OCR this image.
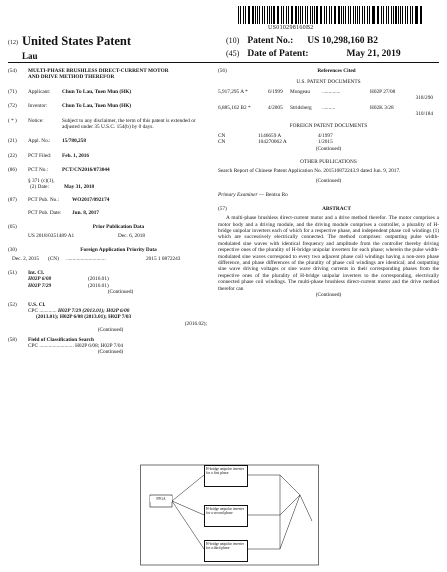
US010298160B2
(12) United States Patent
Lau
(10) Patent No.: US 10,298,160 B2
(45) Date of Patent:	May 21, 2019
(54)	MULTI-PHASE BRUSHLESS DIRECT-CURRENT MOTOR AND DRIVE METHOD THEREFOR
(71)	Applicant:	Chun To Lau, Tuen Mun (HK)
(72)	Inventor:	Chun To Lau, Tuen Mun (HK)
( * )	Notice:	Subject to any disclaimer, the term of this patent is extended or adjusted under 35 U.S.C. 154(b) by 0 days.
(21)	Appl. No.:	15/780,258
(22)	PCT Filed:	Feb. 1, 2016
(86)	PCT No.:	PCT/CN2016/073044
§ 371 (c)(1),
(2) Date:	May 31, 2018
(87)	PCT Pub. No.:	WO2017/092174
PCT Pub. Date:	Jun. 8, 2017
(65)	Prior Publication Data
US 2018/0351489 A1	Dec. 6, 2018
(30)	Foreign Application Priority Data
Dec. 2, 2015	(CN)	..............................	2015 1 0872243
(51)	Int. Cl.
H02P 6/08	(2016.01)
H02P 7/29	(2016.01)
(Continued)
(52)	U.S. Cl.
CPC ............. H02P 7/29 (2013.01); H02P 6/00
(2013.01); H02P 6/08 (2013.01); H02P 7/03
(2016.02);
(Continued)
(58)	Field of Classification Search
CPC .......................... H02P 6/08; H02P 7/04
(Continued)
(56)	References Cited
U.S. PATENT DOCUMENTS
5,917,295 A *	6/1999	Mongeau	..............	H02P 27/08
318/290
6,885,162 B2 *	4/2005	Stridsberg	..........	H02K 3/28
310/184
FOREIGN PATENT DOCUMENTS
CN	1146659 A	4/1997
CN	104270062 A	1/2015
(Continued)
OTHER PUBLICATIONS
Search Report of Chinese Patent Application No. 201510872243.9 dated Jun. 9, 2017.
(Continued)
Primary Examiner — Bentsu Ro
(57)	ABSTRACT
A multi-phase brushless direct-current motor and a drive method therefor. The motor comprises a motor body and a driving module, and the driving module comprises a controller, a plurality of H-bridge unipolar inverters each of which for a respective phase, and independent phase coil windings (1) which are successively electrically connected. The method comprises: outputting pulse width-modulated sine waves with identical frequency and amplitude from the controller thereby driving respective ones of the plurality of H-bridge unipolar inverters for each phase; wherein the pulse width-modulated sine waves correspond to every two adjacent phase coil windings having a non-zero phase difference, and phase differences of the plurality of phase coil windings are identical; and outputting sine wave driving voltages or sine wave driving currents in their corresponding phases from the respective ones of the plurality of H-bridge unipolar inverters to the corresponding, electrically connected phase coil windings. The multi-phase brushless direct-current motor and the drive method therefor can
(Continued)
FPGA
H-bridge unipolar inverter for a first phase
H-bridge unipolar inverter for a second phase
H-bridge unipolar inverter for a third phase
